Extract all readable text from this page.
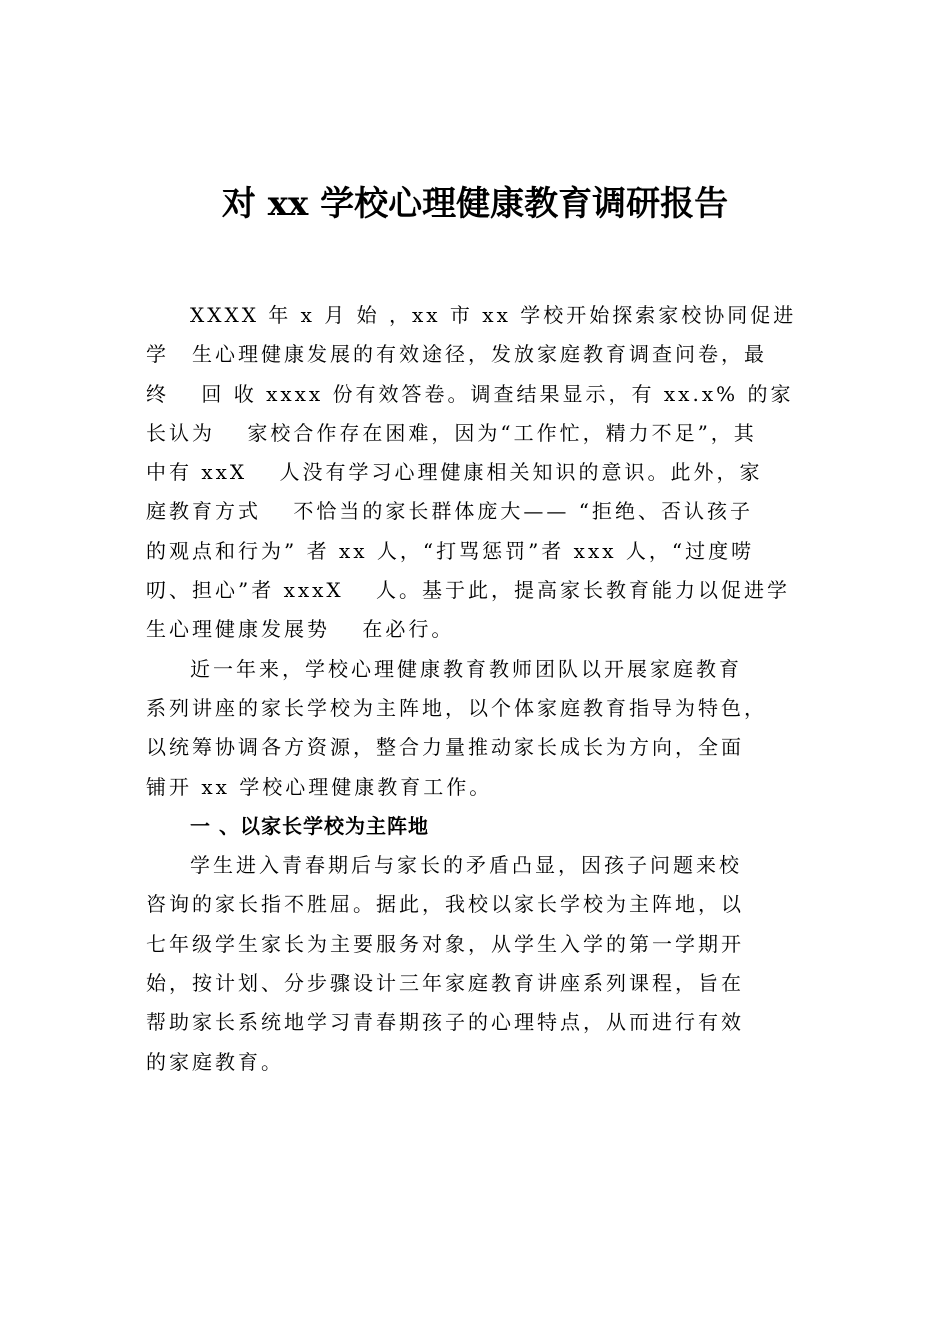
对 xx 学校心理健康教育调研报告
XXXX 年 x 月 始 ，xx 市 xx 学校开始探索家校协同促进
学　生心理健康发展的有效途径，发放家庭教育调查问卷，最
终　 回 收 xxxx 份有效答卷。调查结果显示，有 xx.x% 的家
长认为　 家校合作存在困难，因为“工作忙，精力不足”，其
中有 xxX　 人没有学习心理健康相关知识的意识。此外，家
庭教育方式　 不恰当的家长群体庞大—— “拒绝、否认孩子
的观点和行为” 者 xx 人，“打骂惩罚”者 xxx 人，“过度唠
叨、担心”者 xxxX　 人。基于此，提高家长教育能力以促进学
生心理健康发展势　 在必行。
近一年来，学校心理健康教育教师团队以开展家庭教育
系列讲座的家长学校为主阵地，以个体家庭教育指导为特色，
以统筹协调各方资源，整合力量推动家长成长为方向，全面
铺开 xx 学校心理健康教育工作。
一 、以家长学校为主阵地
学生进入青春期后与家长的矛盾凸显，因孩子问题来校
咨询的家长指不胜屈。据此，我校以家长学校为主阵地，以
七年级学生家长为主要服务对象，从学生入学的第一学期开
始，按计划、分步骤设计三年家庭教育讲座系列课程，旨在
帮助家长系统地学习青春期孩子的心理特点，从而进行有效
的家庭教育。
